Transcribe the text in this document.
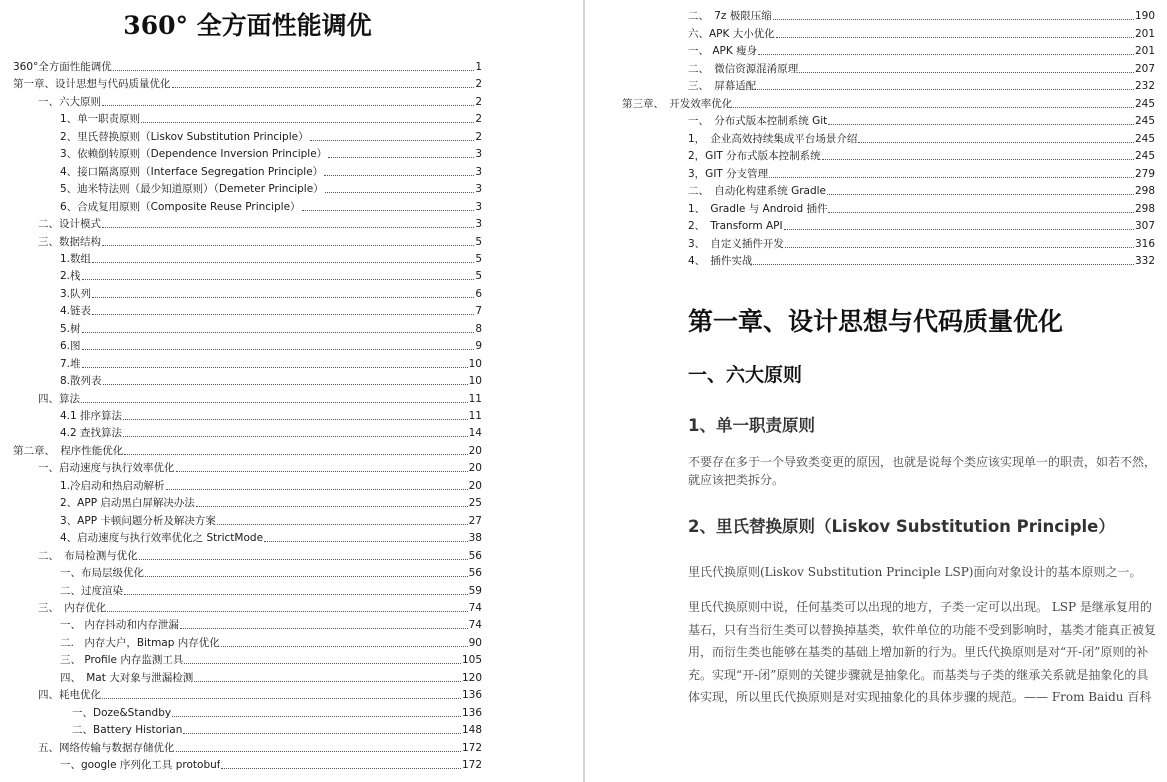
360° 全方面性能调优
360°全方面性能调优	1
第一章、设计思想与代码质量优化	2
一、六大原则	2
1、单一职责原则	2
2、里氏替换原则（Liskov Substitution Principle）	2
3、依赖倒转原则（Dependence Inversion Principle）	3
4、接口隔离原则（Interface Segregation Principle）	3
5、迪米特法则（最少知道原则）（Demeter Principle）	3
6、合成复用原则（Composite Reuse Principle）	3
二、设计模式	3
三、数据结构	5
1.数组	5
2.栈	5
3.队列	6
4.链表	7
5.树	8
6.图	9
7.堆	10
8.散列表	10
四、算法	11
4.1 排序算法	11
4.2 查找算法	14
第二章、　程序性能优化	20
一、启动速度与执行效率优化	20
1.冷启动和热启动解析	20
2、APP 启动黑白屏解决办法	25
3、APP 卡顿问题分析及解决方案	27
4、启动速度与执行效率优化之 StrictMode	38
二、　布局检测与优化	56
一、布局层级优化	56
二、过度渲染	59
三、　内存优化	74
一、 内存抖动和内存泄漏	74
二.　内存大户，Bitmap 内存优化	90
三、 Profile 内存监测工具	105
四、　Mat 大对象与泄漏检测	120
四、耗电优化	136
一、Doze&Standby	136
二、Battery Historian	148
五、网络传输与数据存储优化	172
一、google 序列化工具 protobuf	172
二、　7z 极限压缩	190
六、APK 大小优化	201
一、 APK 瘦身	201
二、　微信资源混淆原理	207
三、　屏幕适配	232
第三章、　开发效率优化	245
一、　分布式版本控制系统 Git	245
1，　企业高效持续集成平台场景介绍	245
2，GIT 分布式版本控制系统	245
3，GIT 分支管理	279
二、　自动化构建系统 Gradle	298
1、　Gradle 与 Android 插件	298
2、　Transform API	307
3、　自定义插件开发	316
4、　插件实战	332
第一章、设计思想与代码质量优化
一、六大原则
1、单一职责原则

不要存在多于一个导致类变更的原因，也就是说每个类应该实现单一的职责，如若不然，就应该把类拆分。

2、里氏替换原则（Liskov Substitution Principle）

里氏代换原则(Liskov Substitution Principle LSP)面向对象设计的基本原则之一。

里氏代换原则中说，任何基类可以出现的地方，子类一定可以出现。 LSP 是继承复用的基石，只有当衍生类可以替换掉基类，软件单位的功能不受到影响时，基类才能真正被复用，而衍生类也能够在基类的基础上增加新的行为。里氏代换原则是对“开-闭”原则的补充。实现“开-闭”原则的关键步骤就是抽象化。而基类与子类的继承关系就是抽象化的具体实现，所以里氏代换原则是对实现抽象化的具体步骤的规范。—— From Baidu 百科
